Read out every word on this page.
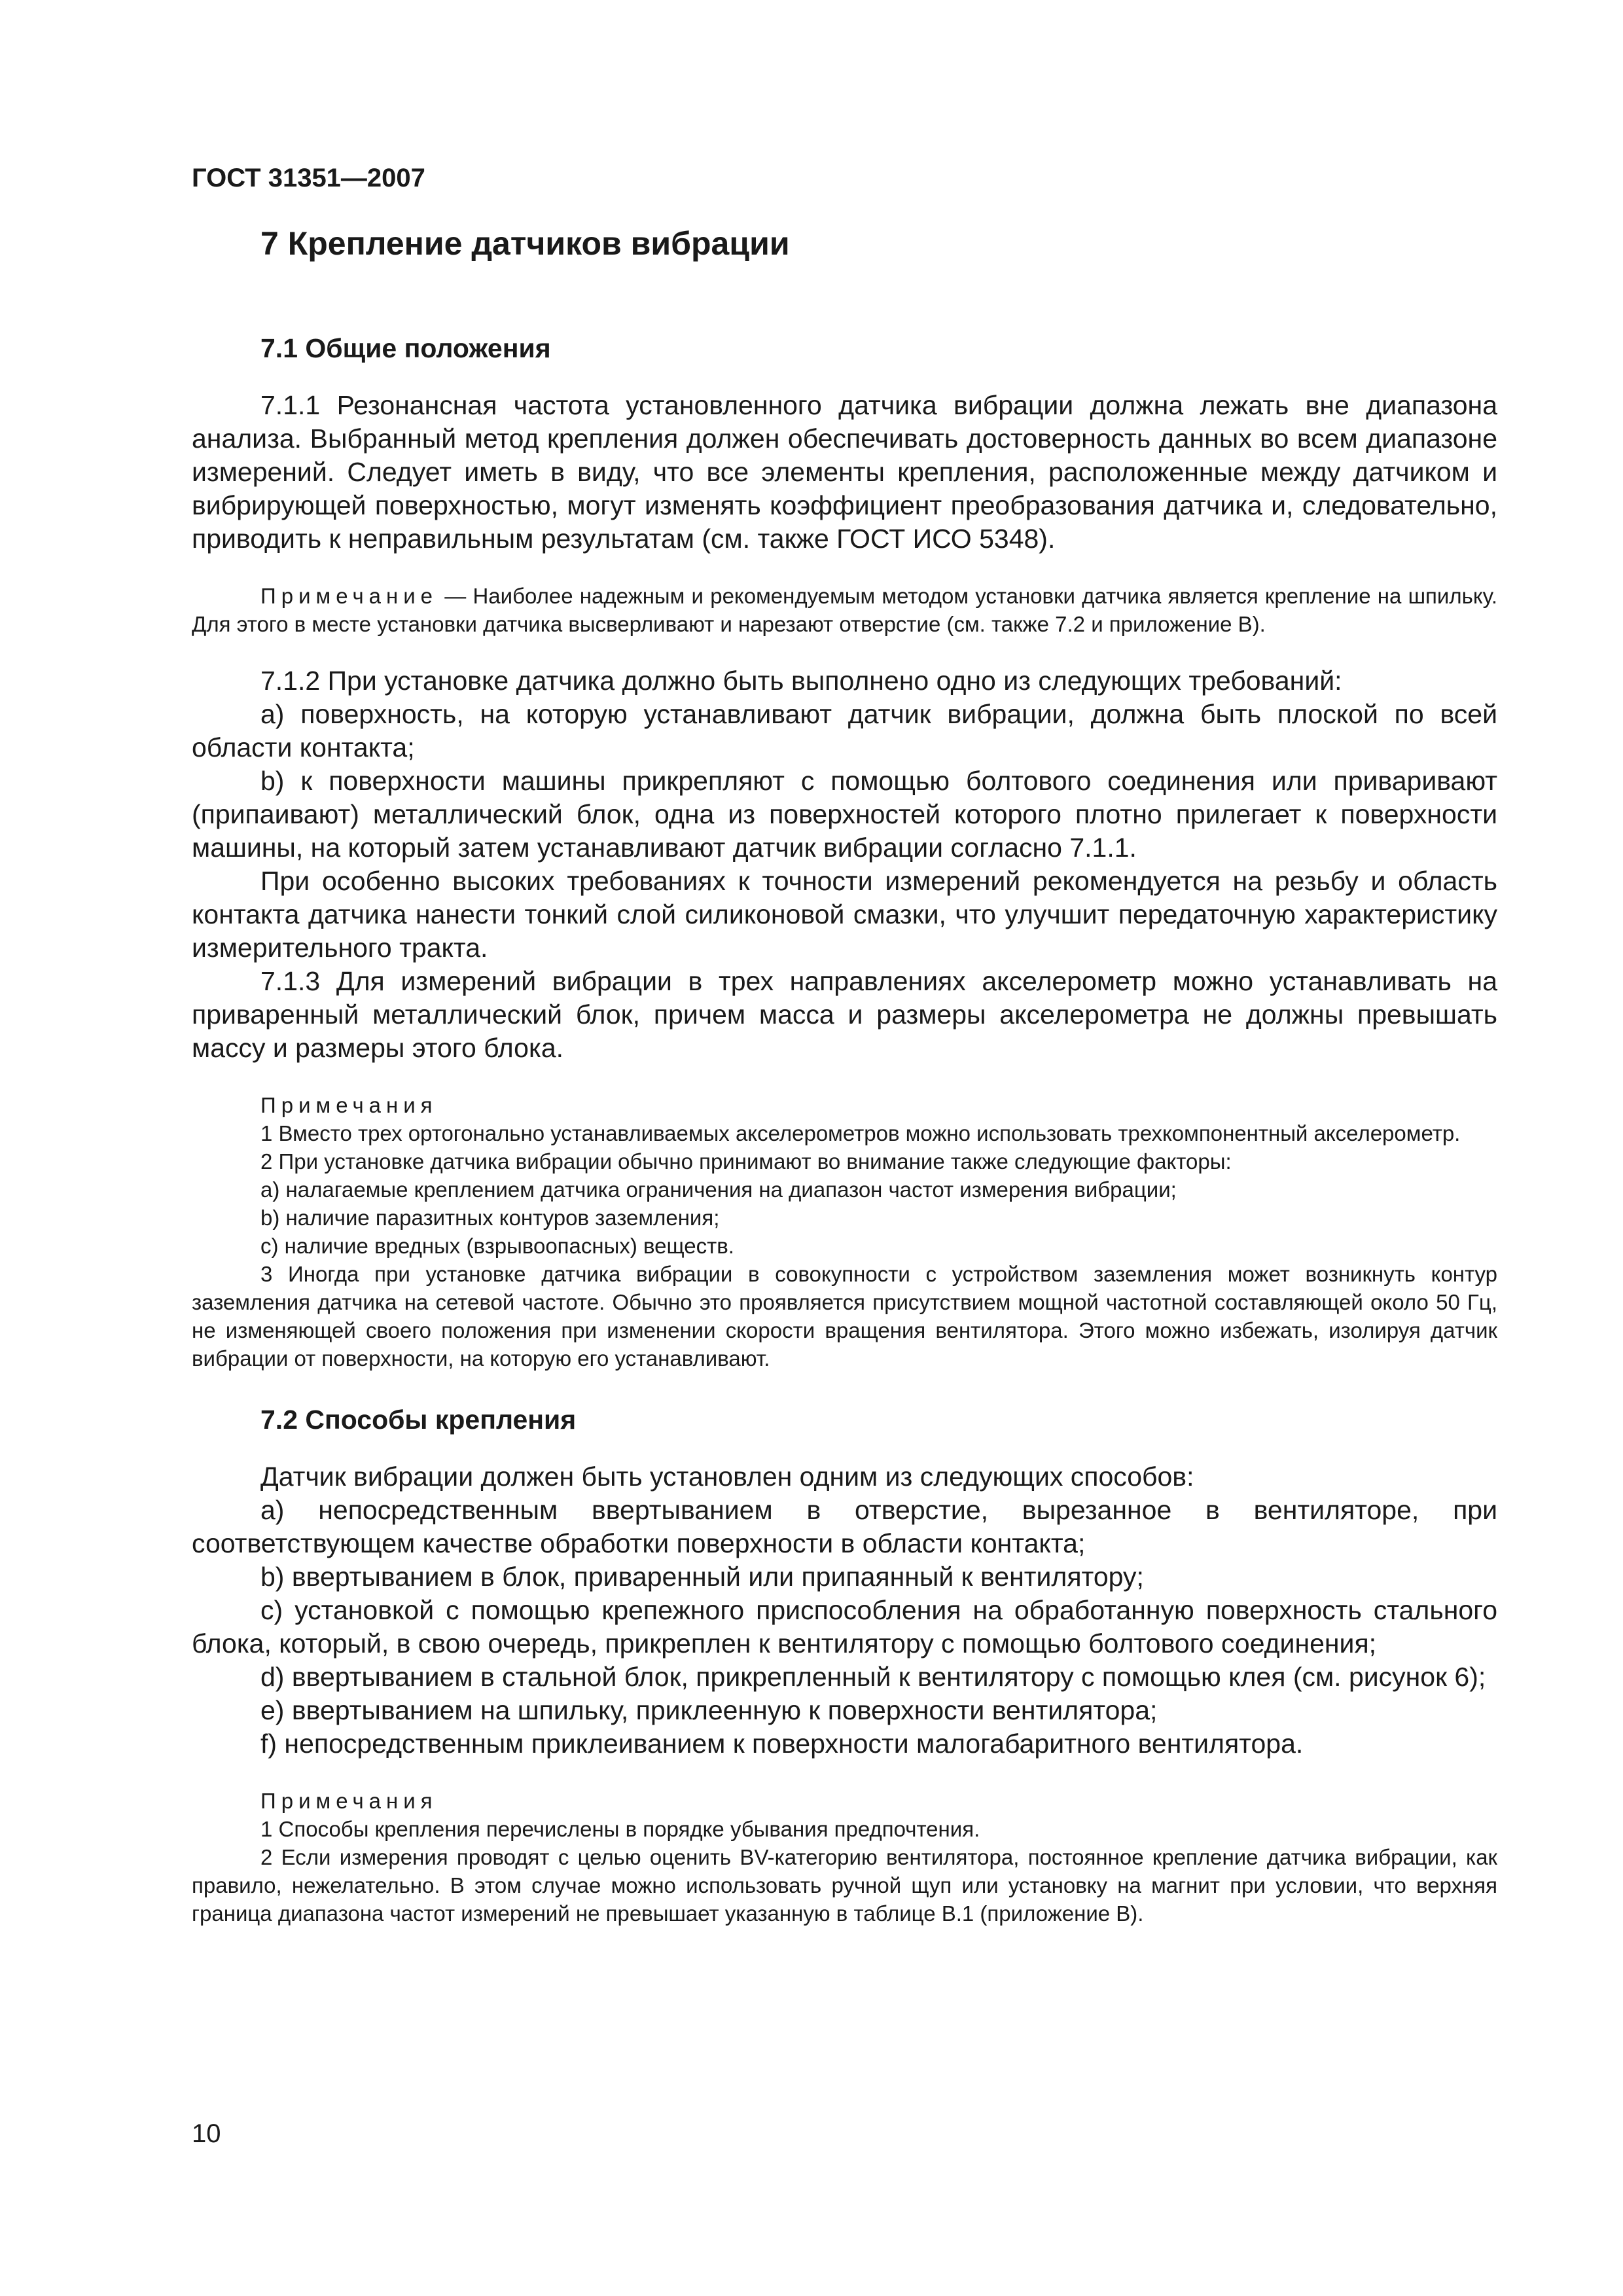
ГОСТ 31351—2007
7 Крепление датчиков вибрации
7.1 Общие положения

7.1.1 Резонансная частота установленного датчика вибрации должна лежать вне диапазона анализа. Выбранный метод крепления должен обеспечивать достоверность данных во всем диапазоне измерений. Следует иметь в виду, что все элементы крепления, расположенные между датчиком и вибрирующей поверхностью, могут изменять коэффициент преобразования датчика и, следовательно, приводить к неправильным результатам (см. также ГОСТ ИСО 5348).

Примечание — Наиболее надежным и рекомендуемым методом установки датчика является крепление на шпильку. Для этого в месте установки датчика высверливают и нарезают отверстие (см. также 7.2 и приложение В).

7.1.2 При установке датчика должно быть выполнено одно из следующих требований:

a) поверхность, на которую устанавливают датчик вибрации, должна быть плоской по всей области контакта;

b) к поверхности машины прикрепляют с помощью болтового соединения или приваривают (припаивают) металлический блок, одна из поверхностей которого плотно прилегает к поверхности машины, на который затем устанавливают датчик вибрации согласно 7.1.1.

При особенно высоких требованиях к точности измерений рекомендуется на резьбу и область контакта датчика нанести тонкий слой силиконовой смазки, что улучшит передаточную характеристику измерительного тракта.

7.1.3 Для измерений вибрации в трех направлениях акселерометр можно устанавливать на приваренный металлический блок, причем масса и размеры акселерометра не должны превышать массу и размеры этого блока.

Примечания

1 Вместо трех ортогонально устанавливаемых акселерометров можно использовать трехкомпонентный акселерометр.

2 При установке датчика вибрации обычно принимают во внимание также следующие факторы:

a) налагаемые креплением датчика ограничения на диапазон частот измерения вибрации;

b) наличие паразитных контуров заземления;

c) наличие вредных (взрывоопасных) веществ.

3 Иногда при установке датчика вибрации в совокупности с устройством заземления может возникнуть контур заземления датчика на сетевой частоте. Обычно это проявляется присутствием мощной частотной составляющей около 50 Гц, не изменяющей своего положения при изменении скорости вращения вентилятора. Этого можно избежать, изолируя датчик вибрации от поверхности, на которую его устанавливают.

7.2 Способы крепления

Датчик вибрации должен быть установлен одним из следующих способов:

a) непосредственным ввертыванием в отверстие, вырезанное в вентиляторе, при соответствующем качестве обработки поверхности в области контакта;

b) ввертыванием в блок, приваренный или припаянный к вентилятору;

c) установкой с помощью крепежного приспособления на обработанную поверхность стального блока, который, в свою очередь, прикреплен к вентилятору с помощью болтового соединения;

d) ввертыванием в стальной блок, прикрепленный к вентилятору с помощью клея (см. рисунок 6);

e) ввертыванием на шпильку, приклеенную к поверхности вентилятора;

f) непосредственным приклеиванием к поверхности малогабаритного вентилятора.

Примечания

1 Способы крепления перечислены в порядке убывания предпочтения.

2 Если измерения проводят с целью оценить BV-категорию вентилятора, постоянное крепление датчика вибрации, как правило, нежелательно. В этом случае можно использовать ручной щуп или установку на магнит при условии, что верхняя граница диапазона частот измерений не превышает указанную в таблице В.1 (приложение В).

10
